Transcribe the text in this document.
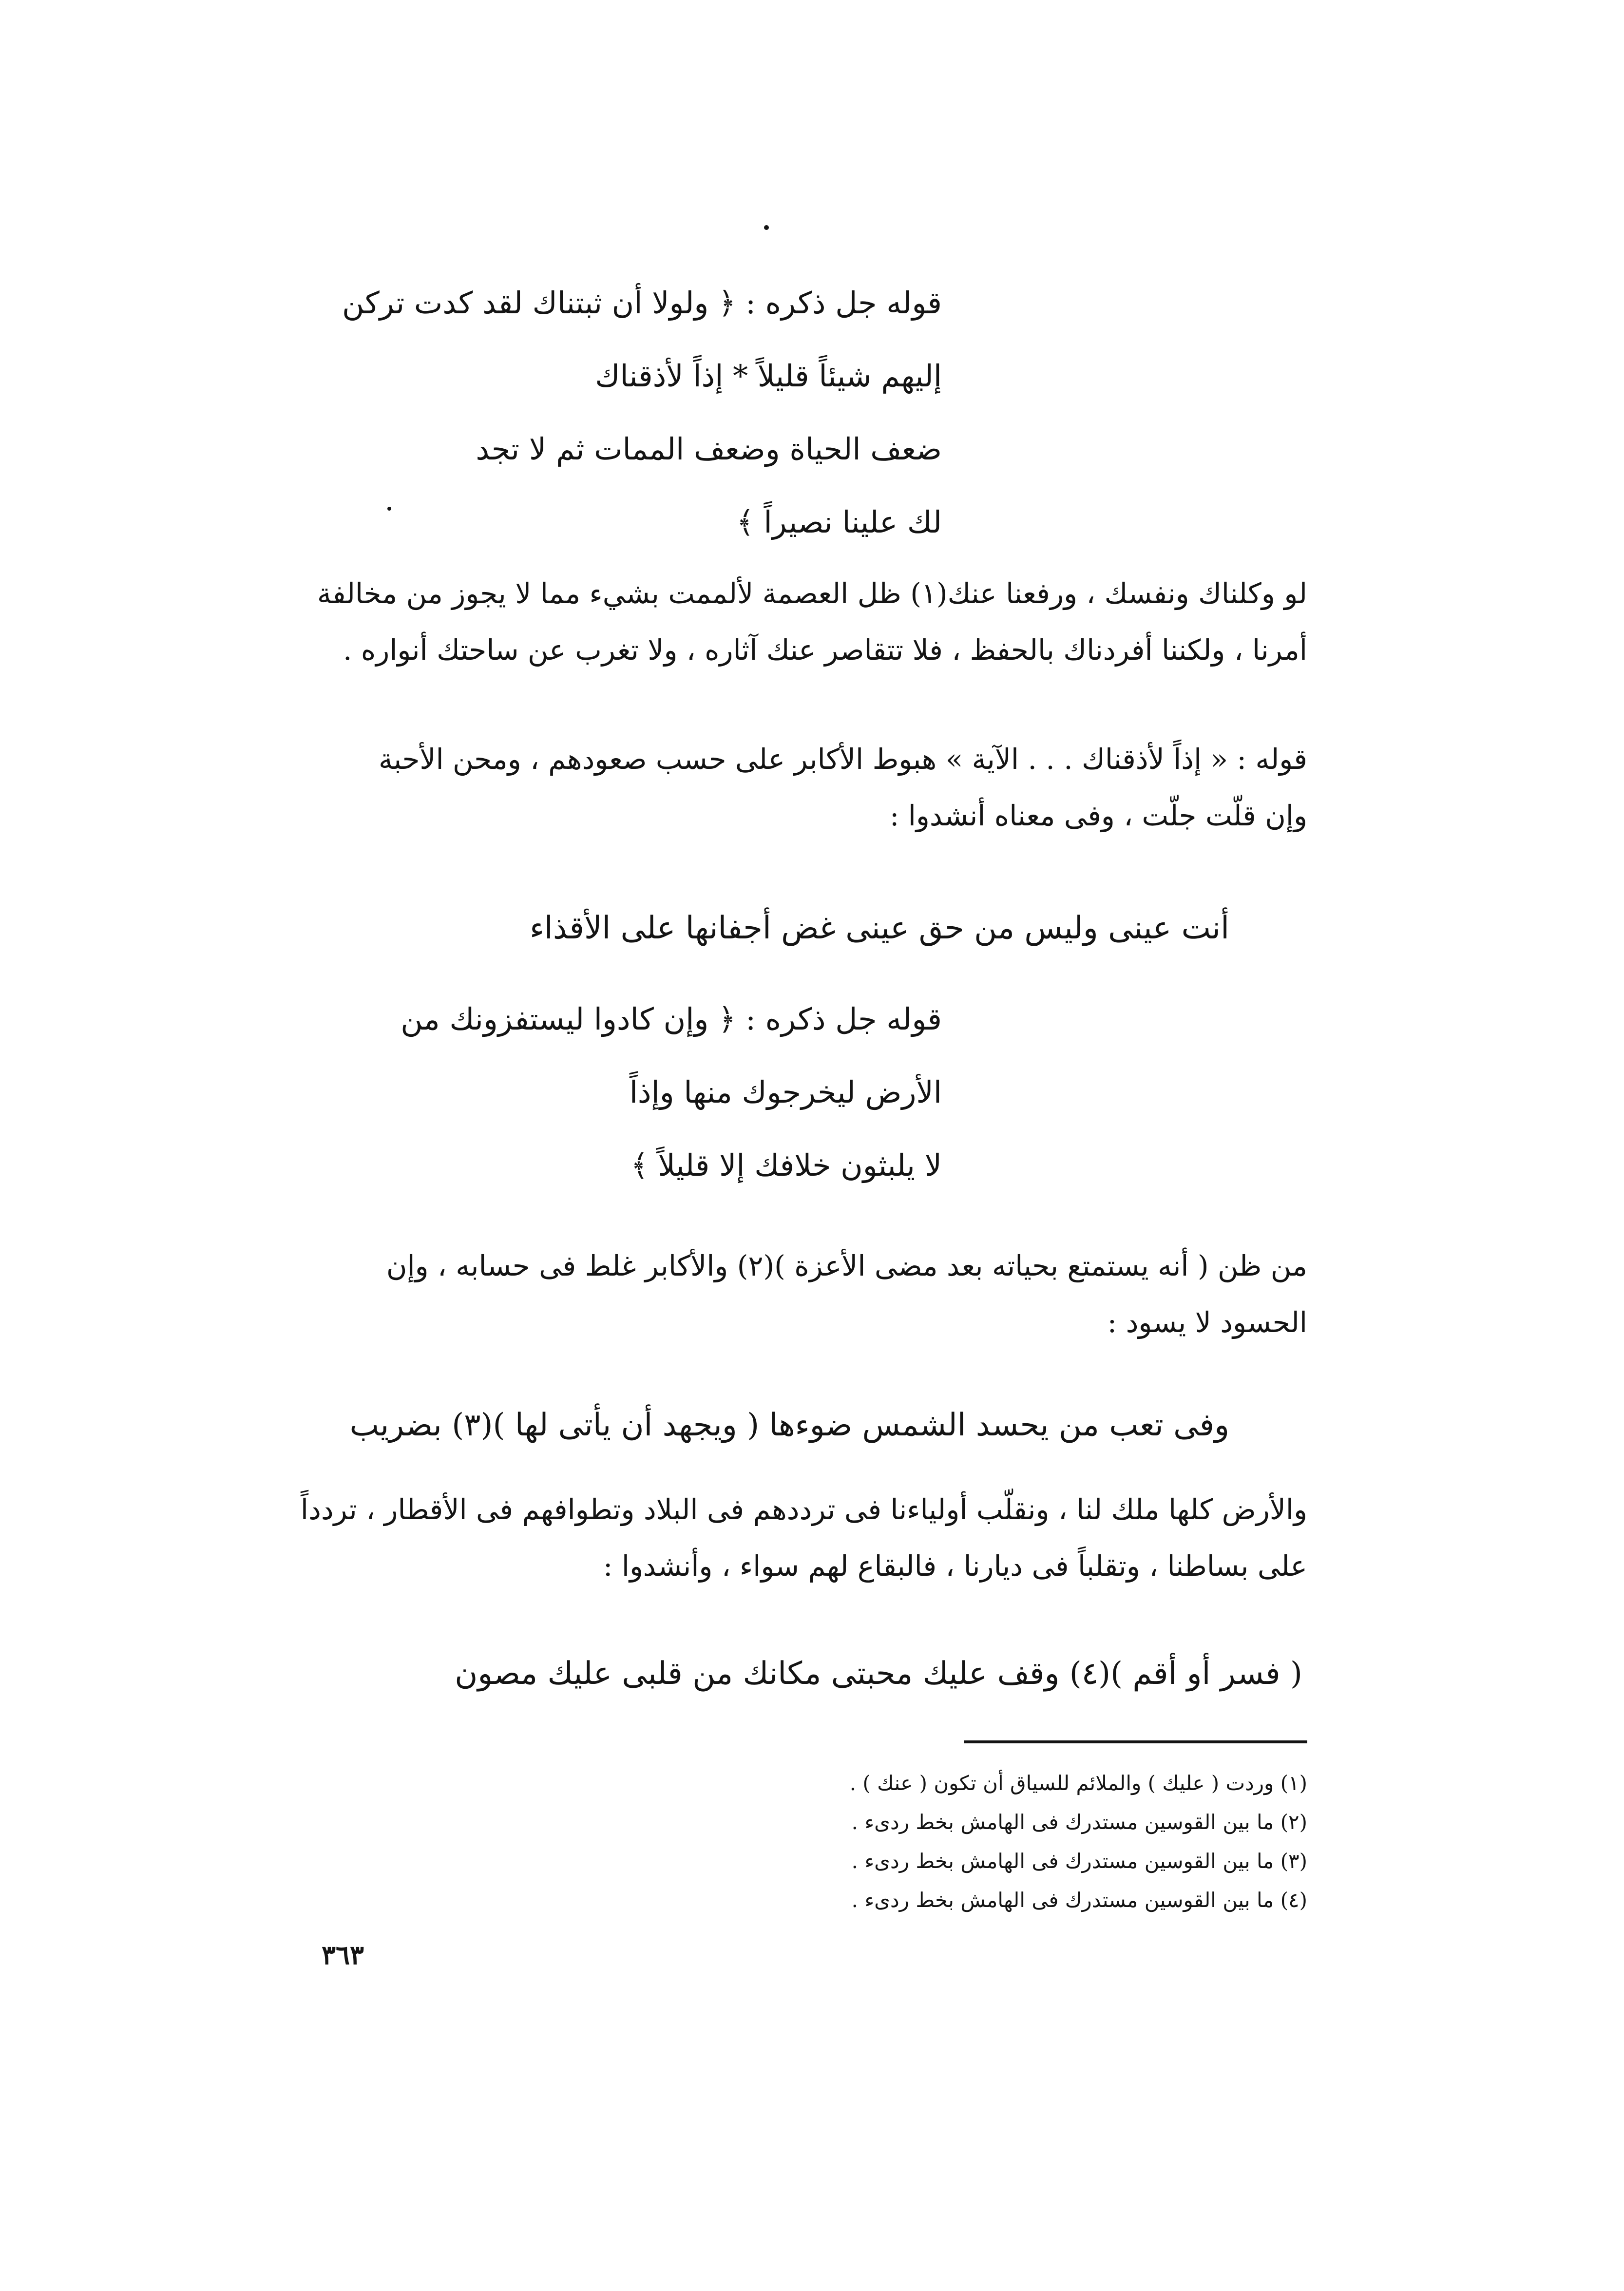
قوله جل ذكره : ﴿ ولولا أن ثبتناك لقد كدت تركن
إليهم شيئاً قليلاً * إذاً لأذقناك
ضعف الحياة وضعف الممات ثم لا تجد
لك علينا نصيراً ﴾
لو وكلناك ونفسك ، ورفعنا عنك(١) ظل العصمة لألممت بشيء مما لا يجوز من مخالفة
أمرنا ، ولكننا أفردناك بالحفظ ، فلا تتقاصر عنك آثاره ، ولا تغرب عن ساحتك أنواره .
قوله : « إذاً لأذقناك . . . الآية » هبوط الأكابر على حسب صعودهم ، ومحن الأحبة
وإن قلّت جلّت ، وفى معناه أنشدوا :
أنت عينى وليس من حق عينى غض أجفانها على الأقذاء
قوله جل ذكره : ﴿ وإن كادوا ليستفزونك من
الأرض ليخرجوك منها وإذاً
لا يلبثون خلافك إلا قليلاً ﴾
من ظن ( أنه يستمتع بحياته بعد مضى الأعزة )(٢) والأكابر غلط فى حسابه ، وإن
الحسود لا يسود :
وفى تعب من يحسد الشمس ضوءها ( ويجهد أن يأتى لها )(٣) بضريب
والأرض كلها ملك لنا ، ونقلّب أولياءنا فى ترددهم فى البلاد وتطوافهم فى الأقطار ، تردداً
على بساطنا ، وتقلباً فى ديارنا ، فالبقاع لهم سواء ، وأنشدوا :
( فسر أو أقم )(٤) وقف عليك محبتى مكانك من قلبى عليك مصون
(١) وردت ( عليك ) والملائم للسياق أن تكون ( عنك ) .
(٢) ما بين القوسين مستدرك فى الهامش بخط ردىء .
(٣) ما بين القوسين مستدرك فى الهامش بخط ردىء .
(٤) ما بين القوسين مستدرك فى الهامش بخط ردىء .
٣٦٣
